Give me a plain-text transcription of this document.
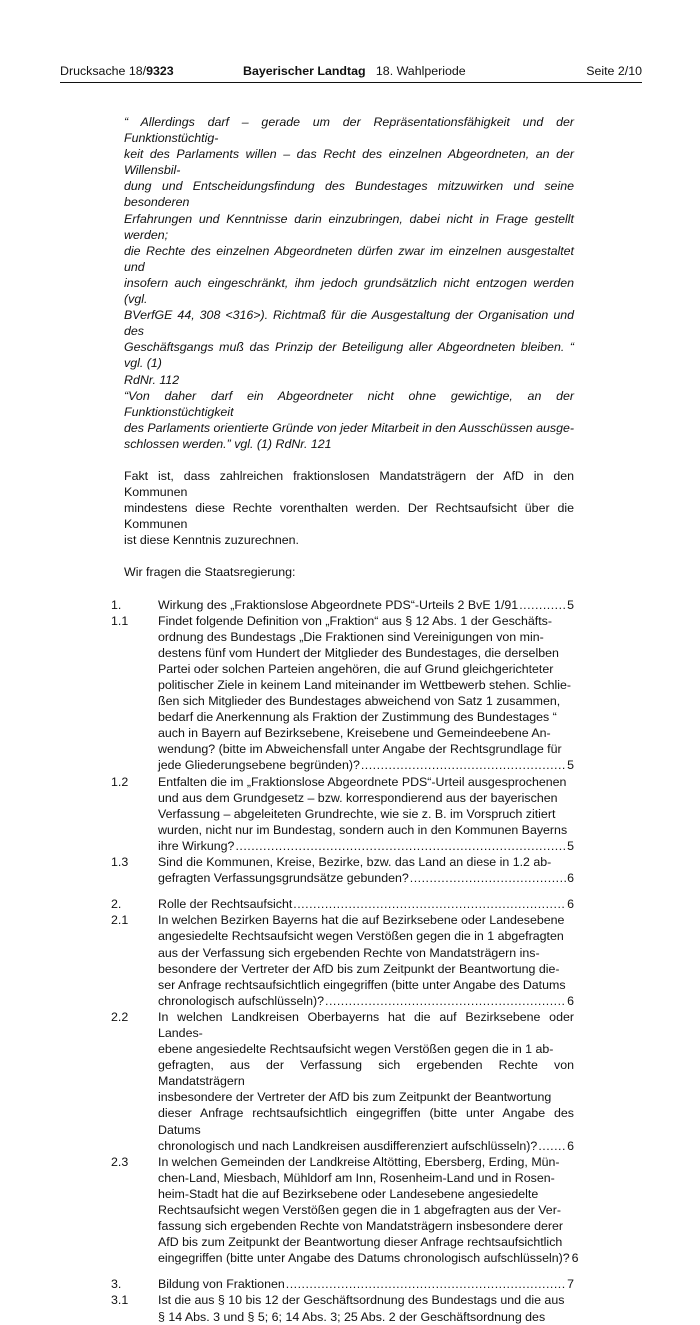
Drucksache 18/9323	Bayerischer Landtag 18. Wahlperiode	Seite 2/10

“ Allerdings darf – gerade um der Repräsentationsfähigkeit und der Funktionstüchtig-

keit des Parlaments willen – das Recht des einzelnen Abgeordneten, an der Willensbil-

dung und Entscheidungsfindung des Bundestages mitzuwirken und seine besonderen

Erfahrungen und Kenntnisse darin einzubringen, dabei nicht in Frage gestellt werden;

die Rechte des einzelnen Abgeordneten dürfen zwar im einzelnen ausgestaltet und

insofern auch eingeschränkt, ihm jedoch grundsätzlich nicht entzogen werden (vgl.

BVerfGE 44, 308 <316>). Richtmaß für die Ausgestaltung der Organisation und des

Geschäftsgangs muß das Prinzip der Beteiligung aller Abgeordneten bleiben. “ vgl. (1)

RdNr. 112

“Von daher darf ein Abgeordneter nicht ohne gewichtige, an der Funktionstüchtigkeit

des Parlaments orientierte Gründe von jeder Mitarbeit in den Ausschüssen ausge-

schlossen werden.” vgl. (1) RdNr. 121

Fakt ist, dass zahlreichen fraktionslosen Mandatsträgern der AfD in den Kommunen

mindestens diese Rechte vorenthalten werden. Der Rechtsaufsicht über die Kommunen

ist diese Kenntnis zuzurechnen.

Wir fragen die Staatsregierung:

1.	Wirkung des „Fraktionslose Abgeordnete PDS“-Urteils 2 BvE 1/91 .....	5
1.1 Findet folgende Definition von „Fraktion“ aus § 12 Abs. 1 der Geschäfts-
ordnung des Bundestags „Die Fraktionen sind Vereinigungen von min-
destens fünf vom Hundert der Mitglieder des Bundestages, die derselben
Partei oder solchen Parteien angehören, die auf Grund gleichgerichteter
politischer Ziele in keinem Land miteinander im Wettbewerb stehen. Schlie-
ßen sich Mitglieder des Bundestages abweichend von Satz 1 zusammen,
bedarf die Anerkennung als Fraktion der Zustimmung des Bundestages “
auch in Bayern auf Bezirksebene, Kreisebene und Gemeindeebene An-
wendung? (bitte im Abweichensfall unter Angabe der Rechtsgrundlage für
jede Gliederungsebene begründen)? .....	5
1.2 Entfalten die im „Fraktionslose Abgeordnete PDS“-Urteil ausgesprochenen
und aus dem Grundgesetz – bzw. korrespondierend aus der bayerischen
Verfassung – abgeleiteten Grundrechte, wie sie z. B. im Vorspruch zitiert
wurden, nicht nur im Bundestag, sondern auch in den Kommunen Bayerns
ihre Wirkung? .....	5
1.3 Sind die Kommunen, Kreise, Bezirke, bzw. das Land an diese in 1.2 ab-
gefragten Verfassungsgrundsätze gebunden? .....	6
2.	Rolle der Rechtsaufsicht .....	6
2.1 In welchen Bezirken Bayerns hat die auf Bezirksebene oder Landesebene
angesiedelte Rechtsaufsicht wegen Verstößen gegen die in 1 abgefragten
aus der Verfassung sich ergebenden Rechte von Mandatsträgern ins-
besondere der Vertreter der AfD bis zum Zeitpunkt der Beantwortung die-
ser Anfrage rechtsaufsichtlich eingegriffen (bitte unter Angabe des Datums
chronologisch aufschlüsseln)? .....	6
2.2 In welchen Landkreisen Oberbayerns hat die auf Bezirksebene oder Landes-
ebene angesiedelte Rechtsaufsicht wegen Verstößen gegen die in 1 ab-
gefragten, aus der Verfassung sich ergebenden Rechte von Mandatsträgern
insbesondere der Vertreter der AfD bis zum Zeitpunkt der Beantwortung
dieser Anfrage rechtsaufsichtlich eingegriffen (bitte unter Angabe des Datums
chronologisch und nach Landkreisen ausdifferenziert aufschlüsseln)? ..... 6
2.3 In welchen Gemeinden der Landkreise Altötting, Ebersberg, Erding, Mün-
chen-Land, Miesbach, Mühldorf am Inn, Rosenheim-Land und in Rosen-
heim-Stadt hat die auf Bezirksebene oder Landesebene angesiedelte
Rechtsaufsicht wegen Verstößen gegen die in 1 abgefragten aus der Ver-
fassung sich ergebenden Rechte von Mandatsträgern insbesondere derer
AfD bis zum Zeitpunkt der Beantwortung dieser Anfrage rechtsaufsichtlich
eingegriffen (bitte unter Angabe des Datums chronologisch aufschlüsseln)? 6
3.	Bildung von Fraktionen .....	7
3.1 Ist die aus § 10 bis 12 der Geschäftsordnung des Bundestags und die aus
§ 14 Abs. 3 und § 5; 6; 14 Abs. 3; 25 Abs. 2 der Geschäftsordnung des
